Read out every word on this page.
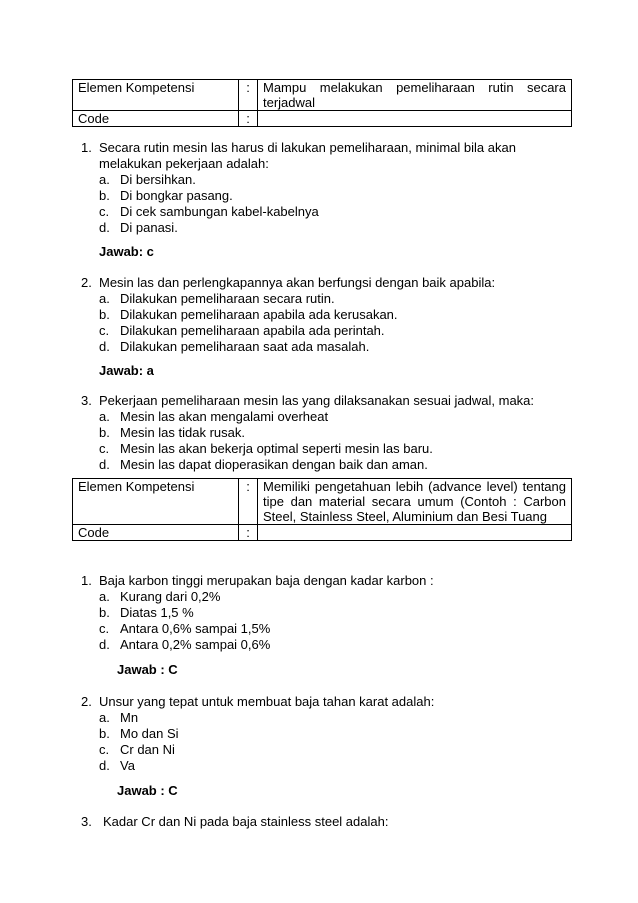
Elemen Kompetensi	:	Mampu melakukan pemeliharaan rutin secara terjadwal
Code	:	
1. Secara rutin mesin las harus di lakukan pemeliharaan, minimal bila akan
melakukan pekerjaan adalah:
a. Di bersihkan.
b. Di bongkar pasang.
c. Di cek sambungan kabel-kabelnya
d. Di panasi.
Jawab: c
2. Mesin las dan perlengkapannya akan berfungsi dengan baik apabila:
a. Dilakukan pemeliharaan secara rutin.
b. Dilakukan pemeliharaan apabila ada kerusakan.
c. Dilakukan pemeliharaan apabila ada perintah.
d. Dilakukan pemeliharaan saat ada masalah.
Jawab: a
3. Pekerjaan pemeliharaan mesin las yang dilaksanakan sesuai jadwal, maka:
a. Mesin las akan mengalami overheat
b. Mesin las tidak rusak.
c. Mesin las akan bekerja optimal seperti mesin las baru.
d. Mesin las dapat dioperasikan dengan baik dan aman.
Elemen Kompetensi	:	Memiliki pengetahuan lebih (advance level) tentang tipe dan material secara umum (Contoh : Carbon Steel, Stainless Steel, Aluminium dan Besi Tuang
Code	:	
1. Baja karbon tinggi merupakan baja dengan kadar karbon :
a. Kurang dari 0,2%
b. Diatas 1,5 %
c. Antara 0,6% sampai 1,5%
d. Antara 0,2% sampai 0,6%
Jawab : C
2. Unsur yang tepat untuk membuat baja tahan karat adalah:
a. Mn
b. Mo dan Si
c. Cr dan Ni
d. Va
Jawab : C
3. Kadar Cr dan Ni pada baja stainless steel adalah:
